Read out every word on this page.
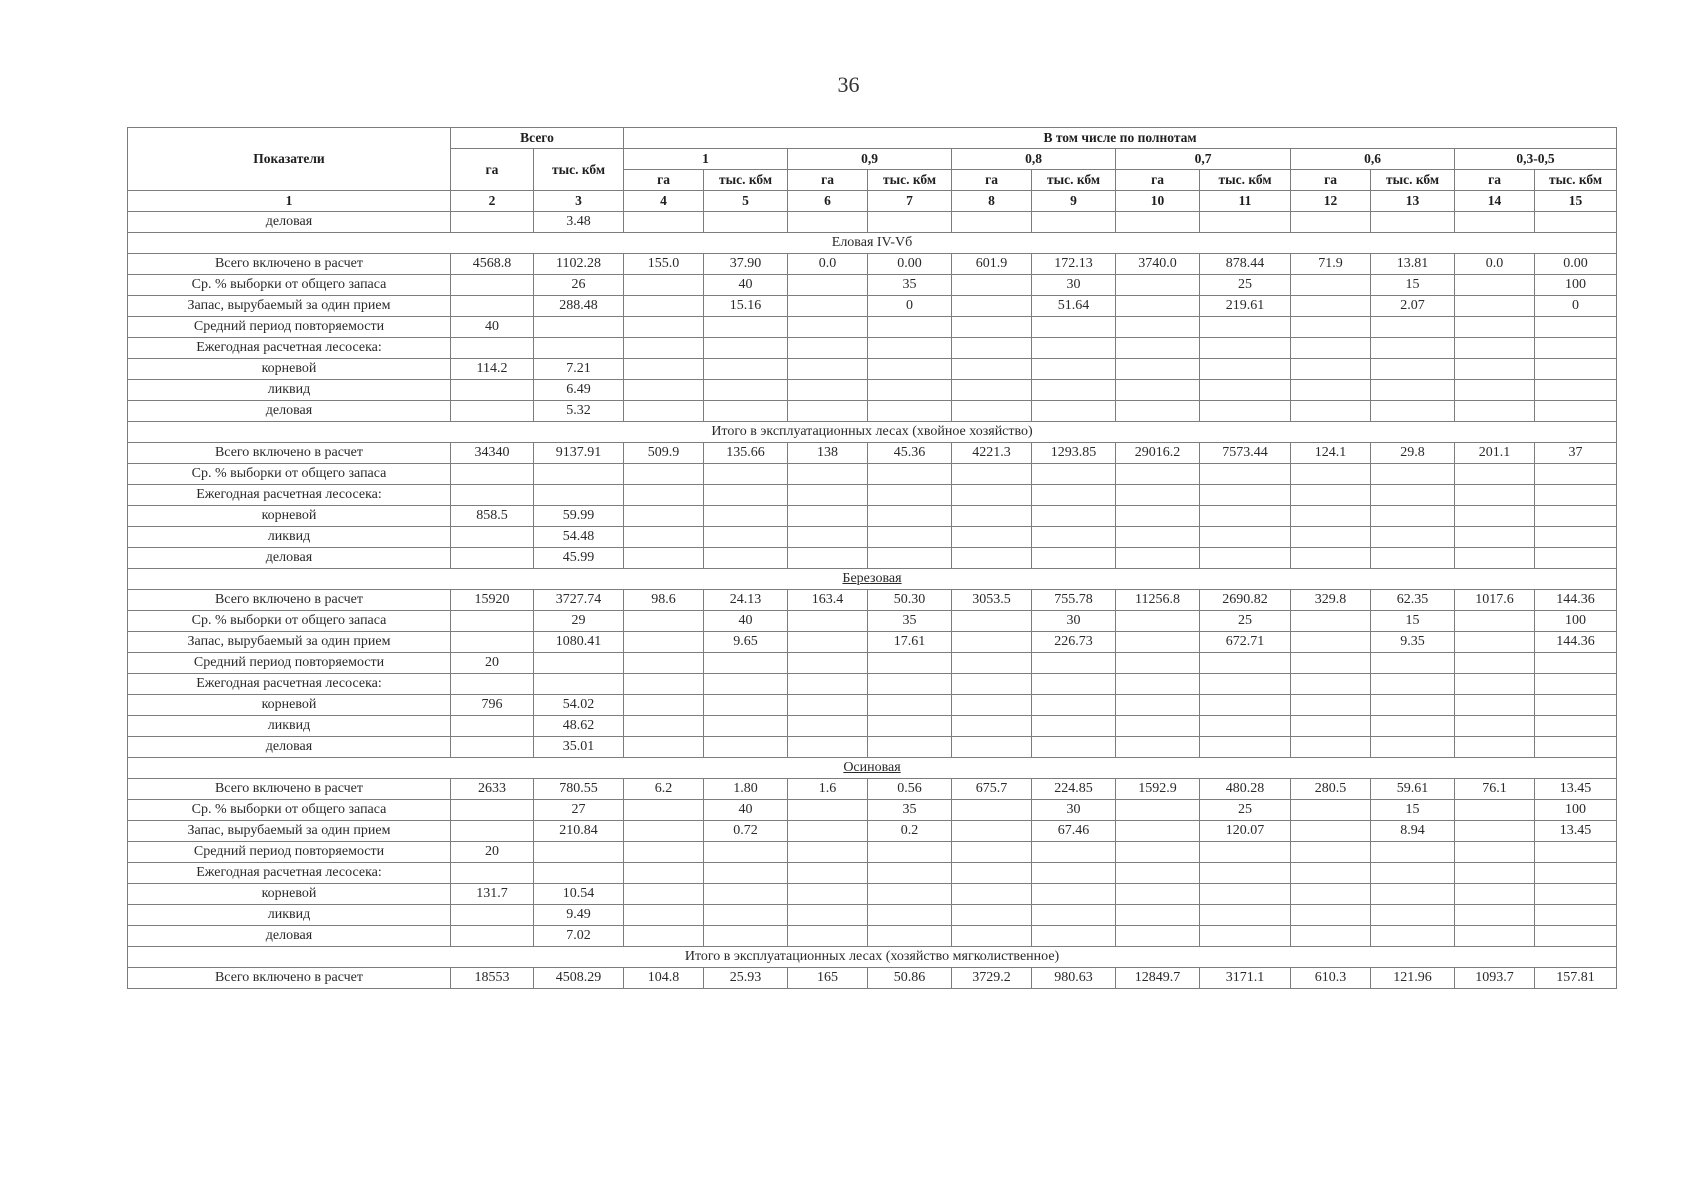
36
Показатели	Всего		В том числе по полнотам											
	га	тыс. кбм	1		0,9		0,8		0,7		0,6		0,3-0,5	
			га	тыс. кбм	га	тыс. кбм	га	тыс. кбм	га	тыс. кбм	га	тыс. кбм	га	тыс. кбм
1	2	3	4	5	6	7	8	9	10	11	12	13	14	15
деловая		3.48												
Еловая IV-Vб														
Всего включено в расчет	4568.8	1102.28	155.0	37.90	0.0	0.00	601.9	172.13	3740.0	878.44	71.9	13.81	0.0	0.00
Ср. % выборки от общего запаса		26		40		35		30		25		15		100
Запас, вырубаемый за один прием		288.48		15.16		0		51.64		219.61		2.07		0
Средний период повторяемости	40													
Ежегодная расчетная лесосека:														
корневой	114.2	7.21												
ликвид		6.49												
деловая		5.32												
Итого в эксплуатационных лесах (хвойное хозяйство)														
Всего включено в расчет	34340	9137.91	509.9	135.66	138	45.36	4221.3	1293.85	29016.2	7573.44	124.1	29.8	201.1	37
Ср. % выборки от общего запаса														
Ежегодная расчетная лесосека:														
корневой	858.5	59.99												
ликвид		54.48												
деловая		45.99												
Березовая														
Всего включено в расчет	15920	3727.74	98.6	24.13	163.4	50.30	3053.5	755.78	11256.8	2690.82	329.8	62.35	1017.6	144.36
Ср. % выборки от общего запаса		29		40		35		30		25		15		100
Запас, вырубаемый за один прием		1080.41		9.65		17.61		226.73		672.71		9.35		144.36
Средний период повторяемости	20													
Ежегодная расчетная лесосека:														
корневой	796	54.02												
ликвид		48.62												
деловая		35.01												
Осиновая														
Всего включено в расчет	2633	780.55	6.2	1.80	1.6	0.56	675.7	224.85	1592.9	480.28	280.5	59.61	76.1	13.45
Ср. % выборки от общего запаса		27		40		35		30		25		15		100
Запас, вырубаемый за один прием		210.84		0.72		0.2		67.46		120.07		8.94		13.45
Средний период повторяемости	20													
Ежегодная расчетная лесосека:														
корневой	131.7	10.54												
ликвид		9.49												
деловая		7.02												
Итого в эксплуатационных лесах (хозяйство мягколиственное)														
Всего включено в расчет	18553	4508.29	104.8	25.93	165	50.86	3729.2	980.63	12849.7	3171.1	610.3	121.96	1093.7	157.81
